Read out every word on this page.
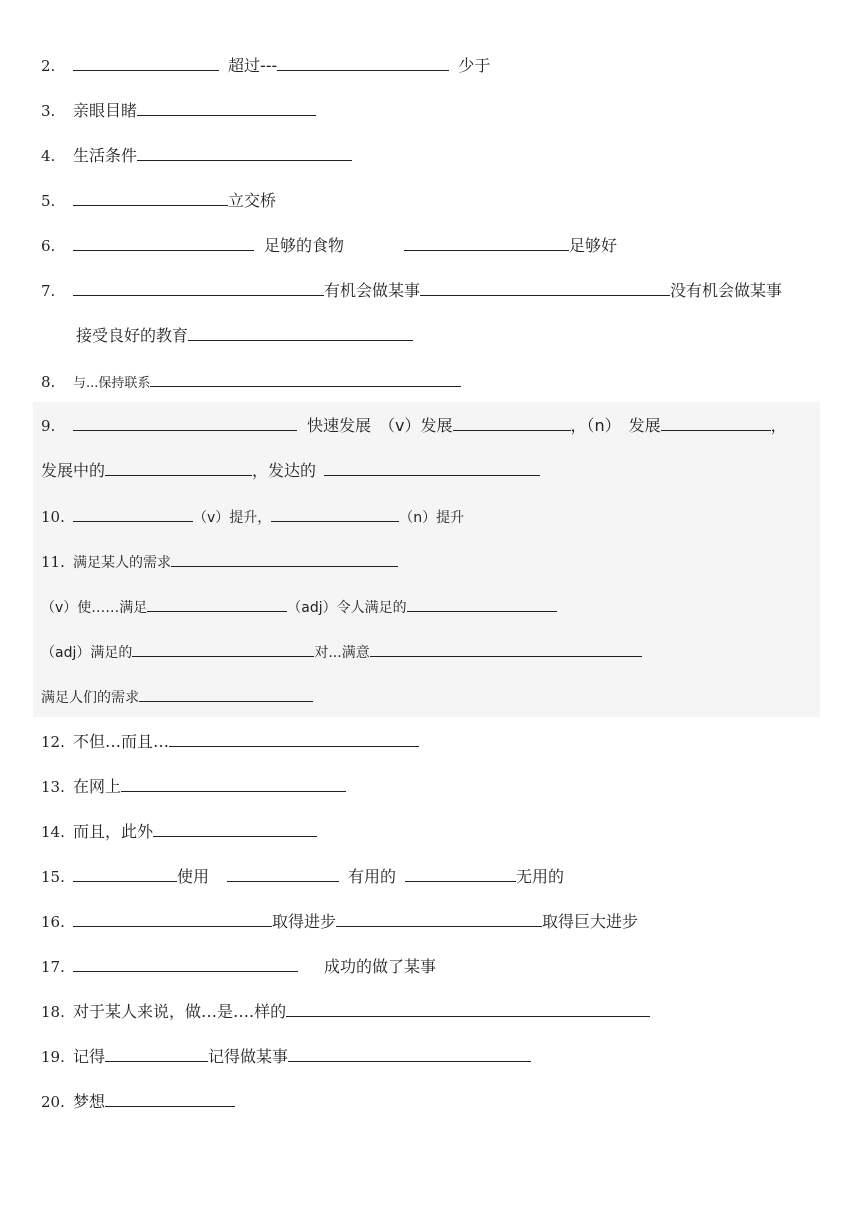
2.	超过---	少于
3. 亲眼目睹
4. 生活条件
5.	立交桥
6.	足够的食物	足够好
7.	有机会做某事	没有机会做某事
接受良好的教育
8. 与...保持联系
9.	快速发展 （v）发展	，（n） 发展	，
发展中的	，发达的
10.	（v）提升，	（n）提升
11. 满足某人的需求
（v）使……满足	（adj）令人满足的
（adj）满足的	对...满意
满足人们的需求
12. 不但…而且…
13. 在网上
14. 而且，此外
15.	使用	有用的	无用的
16.	取得进步	取得巨大进步
17.	成功的做了某事
18. 对于某人来说，做…是….样的
19. 记得	记得做某事
20. 梦想
